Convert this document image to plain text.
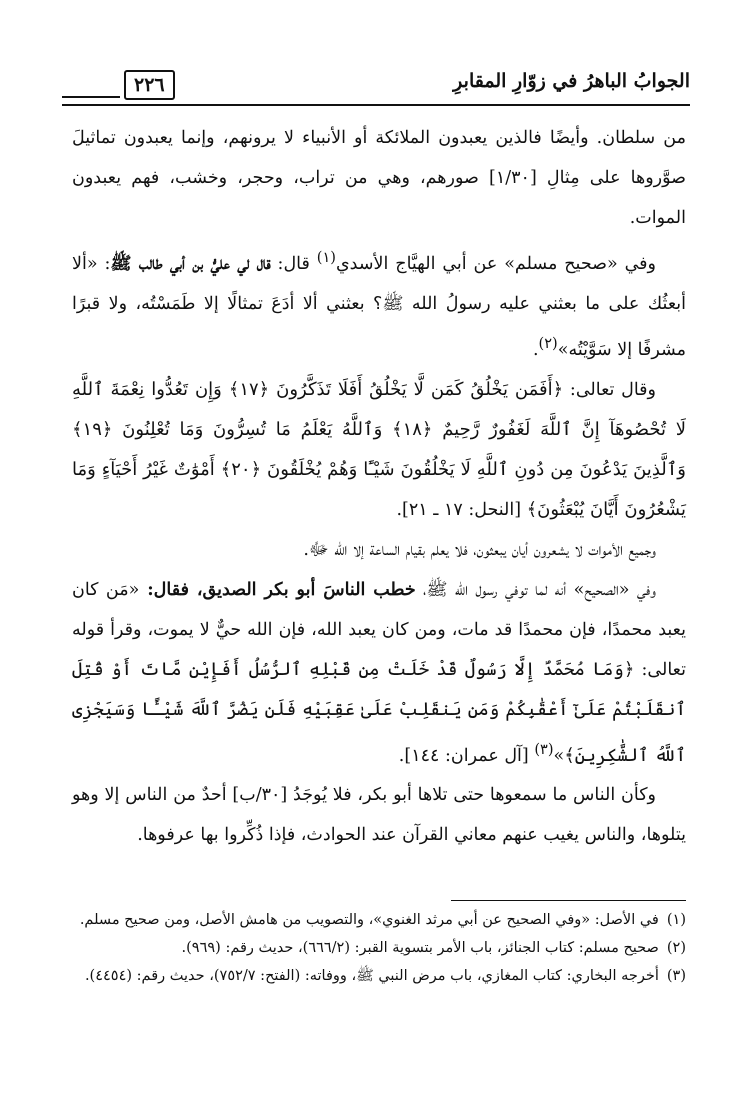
الجوابُ الباهرُ في زوّارِ المقابرِ
٢٢٦

من سلطان. وأيضًا فالذين يعبدون الملائكة أو الأنبياء لا يرونهم، وإنما يعبدون تماثيلَ صوَّروها على مِثالِ [١/٣٠] صورهم، وهي من تراب، وحجر، وخشب، فهم يعبدون الموات.

وفي «صحيح مسلم» عن أبي الهيَّاج الأسدي$^{(١)}$ قال: قال لي عليُّ بن أبي طالب ﷺ: «ألا أبعثُك على ما بعثني عليه رسولُ الله ﷺ؟ بعثني ألا أدَعَ تمثالًا إلا طَمَسْتُه، ولا قبرًا مشرفًا إلا سَوَّيْتُه»$^{(٢)}$.

وقال تعالى: ﴿أَفَمَن يَخْلُقُ كَمَن لَّا يَخْلُقُ أَفَلَا تَذَكَّرُونَ ﴿١٧﴾ وَإِن تَعُدُّوا نِعْمَةَ ٱللَّهِ لَا تُحْصُوهَآ إِنَّ ٱللَّهَ لَغَفُورٌ رَّحِيمٌ ﴿١٨﴾ وَٱللَّهُ يَعْلَمُ مَا تُسِرُّونَ وَمَا تُعْلِنُونَ ﴿١٩﴾ وَٱلَّذِينَ يَدْعُونَ مِن دُونِ ٱللَّهِ لَا يَخْلُقُونَ شَيْـًٔا وَهُمْ يُخْلَقُونَ ﴿٢٠﴾ أَمْوَٰتٌ غَيْرُ أَحْيَآءٍ وَمَا يَشْعُرُونَ أَيَّانَ يُبْعَثُونَ﴾ [النحل: ١٧ ـ ٢١].

وجميع الأموات لا يشعرون أيان يبعثون، فلا يعلم بقيام الساعة إلا الله ﷻ.

وفي «الصحيح» أنه لما توفي رسول الله ﷺ، خطب الناسَ أبو بكر الصديق، فقال: «مَن كان يعبد محمدًا، فإن محمدًا قد مات، ومن كان يعبد الله، فإن الله حيٌّ لا يموت، وقرأ قوله تعالى: ﴿وَمَا مُحَمَّدٌ إِلَّا رَسُولٌ قَدْ خَلَتْ مِن قَبْلِهِ ٱلرُّسُلُ أَفَإِيْن مَّاتَ أَوْ قُتِلَ ٱنقَلَبْتُمْ عَلَىٰٓ أَعْقَٰبِكُمْ وَمَن يَنقَلِبْ عَلَىٰ عَقِبَيْهِ فَلَن يَضُرَّ ٱللَّهَ شَيْـًٔا وَسَيَجْزِى ٱللَّهُ ٱلشَّٰكِرِينَ﴾»$^{(٣)}$ [آل عمران: ١٤٤].

وكأن الناس ما سمعوها حتى تلاها أبو بكر، فلا يُوجَدُ [٣٠/ب] أحدٌ من الناس إلا وهو يتلوها، والناس يغيب عنهم معاني القرآن عند الحوادث، فإذا ذُكِّروا بها عرفوها.

(١)
في الأصل: «وفي الصحيح عن أبي مرثد الغنوي»، والتصويب من هامش الأصل، ومن صحيح مسلم.
(٢)
صحيح مسلم: كتاب الجنائز، باب الأمر بتسوية القبر: (٦٦٦/٢)، حديث رقم: (٩٦٩).
(٣)
أخرجه البخاري: كتاب المغازي، باب مرض النبي ﷺ، ووفاته: (الفتح: ٧٥٢/٧)، حديث رقم: (٤٤٥٤).
